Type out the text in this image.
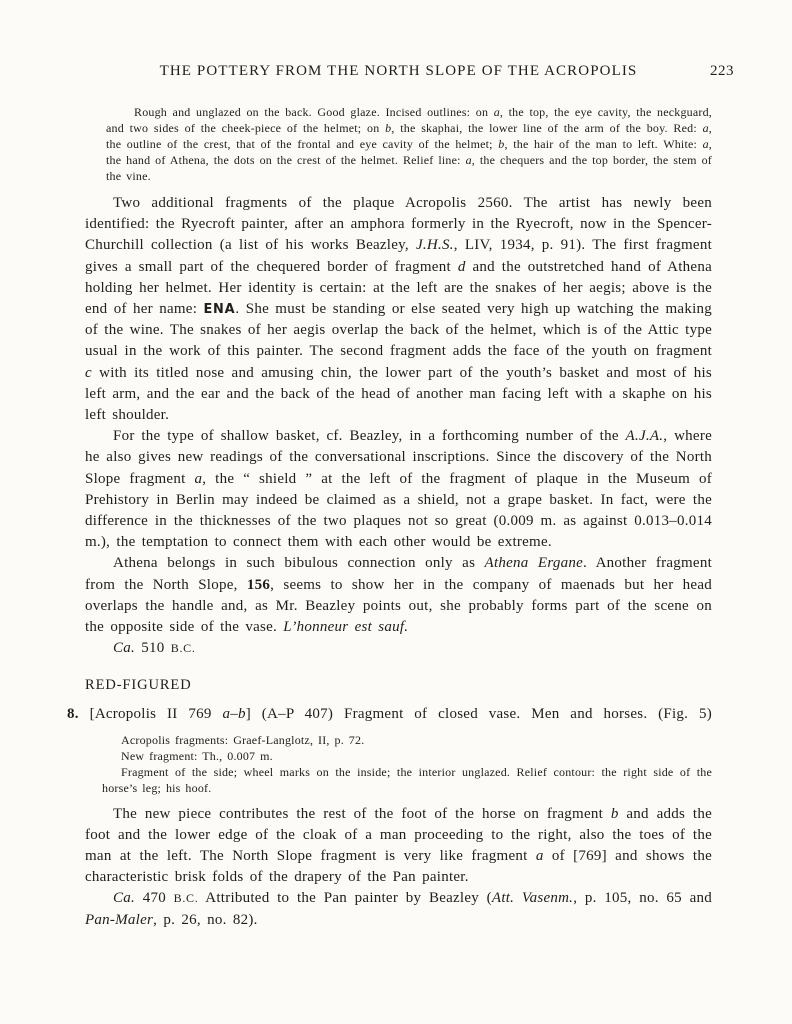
THE POTTERY FROM THE NORTH SLOPE OF THE ACROPOLIS	223

Rough and unglazed on the back. Good glaze. Incised outlines: on a, the top, the eye cavity, the neckguard, and two sides of the cheek-piece of the helmet; on b, the skaphai, the lower line of the arm of the boy. Red: a, the outline of the crest, that of the frontal and eye cavity of the helmet; b, the hair of the man to left. White: a, the hand of Athena, the dots on the crest of the helmet. Relief line: a, the chequers and the top border, the stem of the vine.

Two additional fragments of the plaque Acropolis 2560. The artist has newly been identified: the Ryecroft painter, after an amphora formerly in the Ryecroft, now in the Spencer-Churchill collection (a list of his works Beazley, J.H.S., LIV, 1934, p. 91). The first fragment gives a small part of the chequered border of fragment d and the outstretched hand of Athena holding her helmet. Her identity is certain: at the left are the snakes of her aegis; above is the end of her name: ENA. She must be standing or else seated very high up watching the making of the wine. The snakes of her aegis overlap the back of the helmet, which is of the Attic type usual in the work of this painter. The second fragment adds the face of the youth on fragment c with its titled nose and amusing chin, the lower part of the youth’s basket and most of his left arm, and the ear and the back of the head of another man facing left with a skaphe on his left shoulder.

For the type of shallow basket, cf. Beazley, in a forthcoming number of the A.J.A., where he also gives new readings of the conversational inscriptions. Since the discovery of the North Slope fragment a, the “ shield ” at the left of the fragment of plaque in the Museum of Prehistory in Berlin may indeed be claimed as a shield, not a grape basket. In fact, were the difference in the thicknesses of the two plaques not so great (0.009 m. as against 0.013–0.014 m.), the temptation to connect them with each other would be extreme.

Athena belongs in such bibulous connection only as Athena Ergane. Another fragment from the North Slope, 156, seems to show her in the company of maenads but her head overlaps the handle and, as Mr. Beazley points out, she probably forms part of the scene on the opposite side of the vase. L’honneur est sauf.

Ca. 510 B.C.

RED-FIGURED

8. [Acropolis II 769 a–b] (A–P 407) Fragment of closed vase. Men and horses. (Fig. 5)

Acropolis fragments: Graef-Langlotz, II, p. 72.

New fragment: Th., 0.007 m.

Fragment of the side; wheel marks on the inside; the interior unglazed. Relief contour: the right side of the horse’s leg; his hoof.

The new piece contributes the rest of the foot of the horse on fragment b and adds the foot and the lower edge of the cloak of a man proceeding to the right, also the toes of the man at the left. The North Slope fragment is very like fragment a of [769] and shows the characteristic brisk folds of the drapery of the Pan painter.

Ca. 470 B.C. Attributed to the Pan painter by Beazley (Att. Vasenm., p. 105, no. 65 and Pan-Maler, p. 26, no. 82).
